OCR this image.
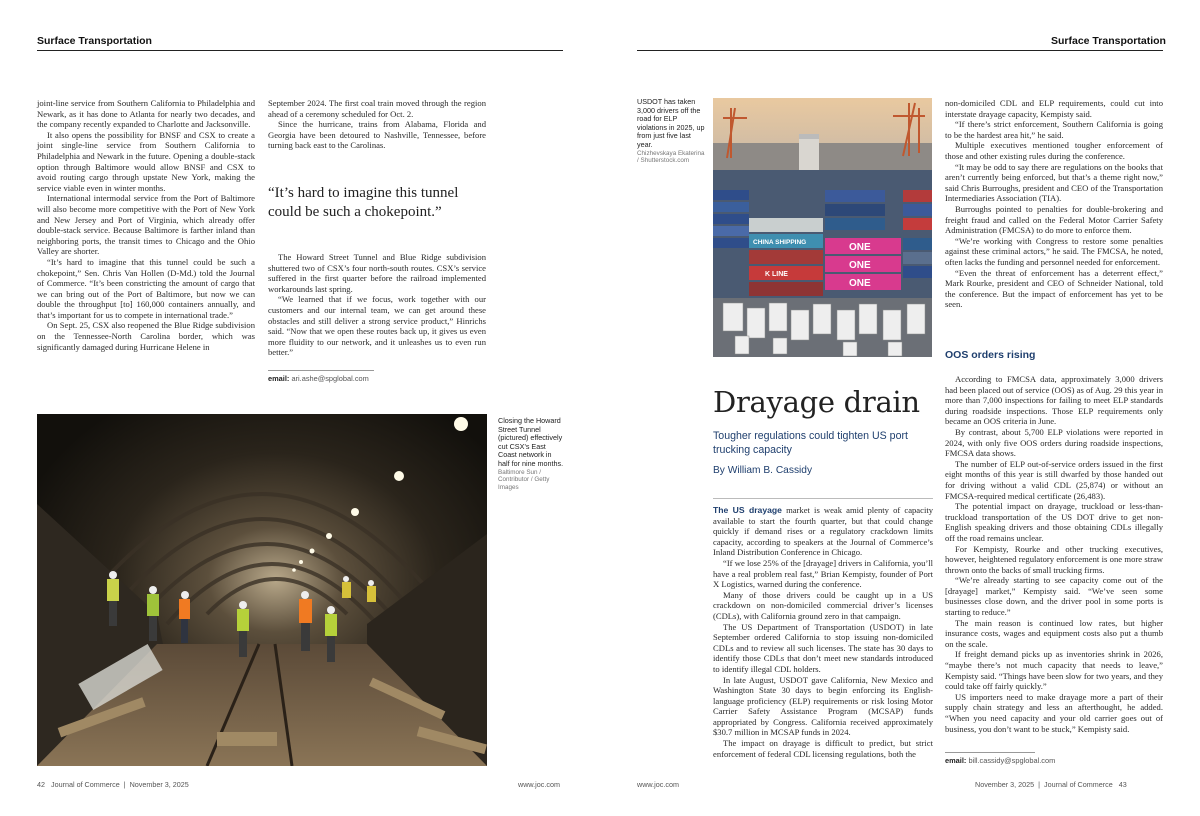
Surface Transportation

joint-line service from Southern California to Philadelphia and Newark, as it has done to Atlanta for nearly two decades, and the company recently expanded to Charlotte and Jacksonville.

It also opens the possibility for BNSF and CSX to create a joint single-line service from Southern California to Philadelphia and Newark in the future. Opening a double-stack option through Baltimore would allow BNSF and CSX to avoid routing cargo through upstate New York, making the service viable even in winter months.

International intermodal service from the Port of Baltimore will also become more competitive with the Port of New York and New Jersey and Port of Virginia, which already offer double-stack service. Because Baltimore is farther inland than neighboring ports, the transit times to Chicago and the Ohio Valley are shorter.

“It’s hard to imagine that this tunnel could be such a chokepoint,” Sen. Chris Van Hollen (D-Md.) told the Journal of Commerce. “It’s been constricting the amount of cargo that we can bring out of the Port of Baltimore, but now we can double the throughput [to] 160,000 containers annually, and that’s important for us to compete in international trade.”

On Sept. 25, CSX also reopened the Blue Ridge subdivision on the Tennessee-North Carolina border, which was significantly damaged during Hurricane Helene in

September 2024. The first coal train moved through the region ahead of a ceremony scheduled for Oct. 2.

Since the hurricane, trains from Alabama, Florida and Georgia have been detoured to Nashville, Tennessee, before turning back east to the Carolinas.

“It’s hard to imagine this tunnel could be such a chokepoint.”

The Howard Street Tunnel and Blue Ridge subdivision shuttered two of CSX’s four north-south routes. CSX’s service suffered in the first quarter before the railroad implemented workarounds last spring.

“We learned that if we focus, work together with our customers and our internal team, we can get around these obstacles and still deliver a strong service product,” Hinrichs said. “Now that we open these routes back up, it gives us even more fluidity to our network, and it unleashes us to even run better.”

email: ari.ashe@spglobal.com
Closing the Howard Street Tunnel (pictured) effectively cut CSX’s East Coast network in half for nine months.
Baltimore Sun / Contributor / Getty Images
42 Journal of Commerce  |  November 3, 2025	www.joc.com
Surface Transportation
USDOT has taken 3,000 drivers off the road for ELP violations in 2025, up from just five last year.
Chizhevskaya Ekaterina / Shutterstock.com
CHINA SHIPPING
K LINE
ONE
ONE
ONE
Drayage drain
Tougher regulations could tighten US port trucking capacity
By William B. Cassidy

The US drayage market is weak amid plenty of capacity available to start the fourth quarter, but that could change quickly if demand rises or a regulatory crackdown limits capacity, according to speakers at the Journal of Commerce’s Inland Distribution Conference in Chicago.

“If we lose 25% of the [drayage] drivers in California, you’ll have a real problem real fast,” Brian Kempisty, founder of Port X Logistics, warned during the conference.

Many of those drivers could be caught up in a US crackdown on non-domiciled commercial driver’s licenses (CDLs), with California ground zero in that campaign.

The US Department of Transportation (USDOT) in late September ordered California to stop issuing non-domiciled CDLs and to review all such licenses. The state has 30 days to identify those CDLs that don’t meet new standards introduced to identify illegal CDL holders.

In late August, USDOT gave California, New Mexico and Washington State 30 days to begin enforcing its English-language proficiency (ELP) requirements or risk losing Motor Carrier Safety Assistance Program (MCSAP) funds appropriated by Congress. California received approximately $30.7 million in MCSAP funds in 2024.

The impact on drayage is difficult to predict, but strict enforcement of federal CDL licensing regulations, both the

non-domiciled CDL and ELP requirements, could cut into interstate drayage capacity, Kempisty said.

“If there’s strict enforcement, Southern California is going to be the hardest area hit,” he said.

Multiple executives mentioned tougher enforcement of those and other existing rules during the conference.

“It may be odd to say there are regulations on the books that aren’t currently being enforced, but that’s a theme right now,” said Chris Burroughs, president and CEO of the Transportation Intermediaries Association (TIA).

Burroughs pointed to penalties for double-brokering and freight fraud and called on the Federal Motor Carrier Safety Administration (FMCSA) to do more to enforce them.

“We’re working with Congress to restore some penalties against these criminal actors,” he said. The FMCSA, he noted, often lacks the funding and personnel needed for enforcement.

“Even the threat of enforcement has a deterrent effect,” Mark Rourke, president and CEO of Schneider National, told the conference. But the impact of enforcement has yet to be seen.

OOS orders rising

According to FMCSA data, approximately 3,000 drivers had been placed out of service (OOS) as of Aug. 29 this year in more than 7,000 inspections for failing to meet ELP standards during roadside inspections. Those ELP requirements only became an OOS criteria in June.

By contrast, about 5,700 ELP violations were reported in 2024, with only five OOS orders during roadside inspections, FMCSA data shows.

The number of ELP out-of-service orders issued in the first eight months of this year is still dwarfed by those handed out for driving without a valid CDL (25,874) or without an FMCSA-required medical certificate (26,483).

The potential impact on drayage, truckload or less-than-truckload transportation of the US DOT drive to get non-English speaking drivers and those obtaining CDLs illegally off the road remains unclear.

For Kempisty, Rourke and other trucking executives, however, heightened regulatory enforcement is one more straw thrown onto the backs of small trucking firms.

“We’re already starting to see capacity come out of the [drayage] market,” Kempisty said. “We’ve seen some businesses close down, and the driver pool in some ports is starting to reduce.”

The main reason is continued low rates, but higher insurance costs, wages and equipment costs also put a thumb on the scale.

If freight demand picks up as inventories shrink in 2026, “maybe there’s not much capacity that needs to leave,” Kempisty said. “Things have been slow for two years, and they could take off fairly quickly.”

US importers need to make drayage more a part of their supply chain strategy and less an afterthought, he added. “When you need capacity and your old carrier goes out of business, you don’t want to be stuck,” Kempisty said.

email: bill.cassidy@spglobal.com
www.joc.com	November 3, 2025  |  Journal of Commerce 43
